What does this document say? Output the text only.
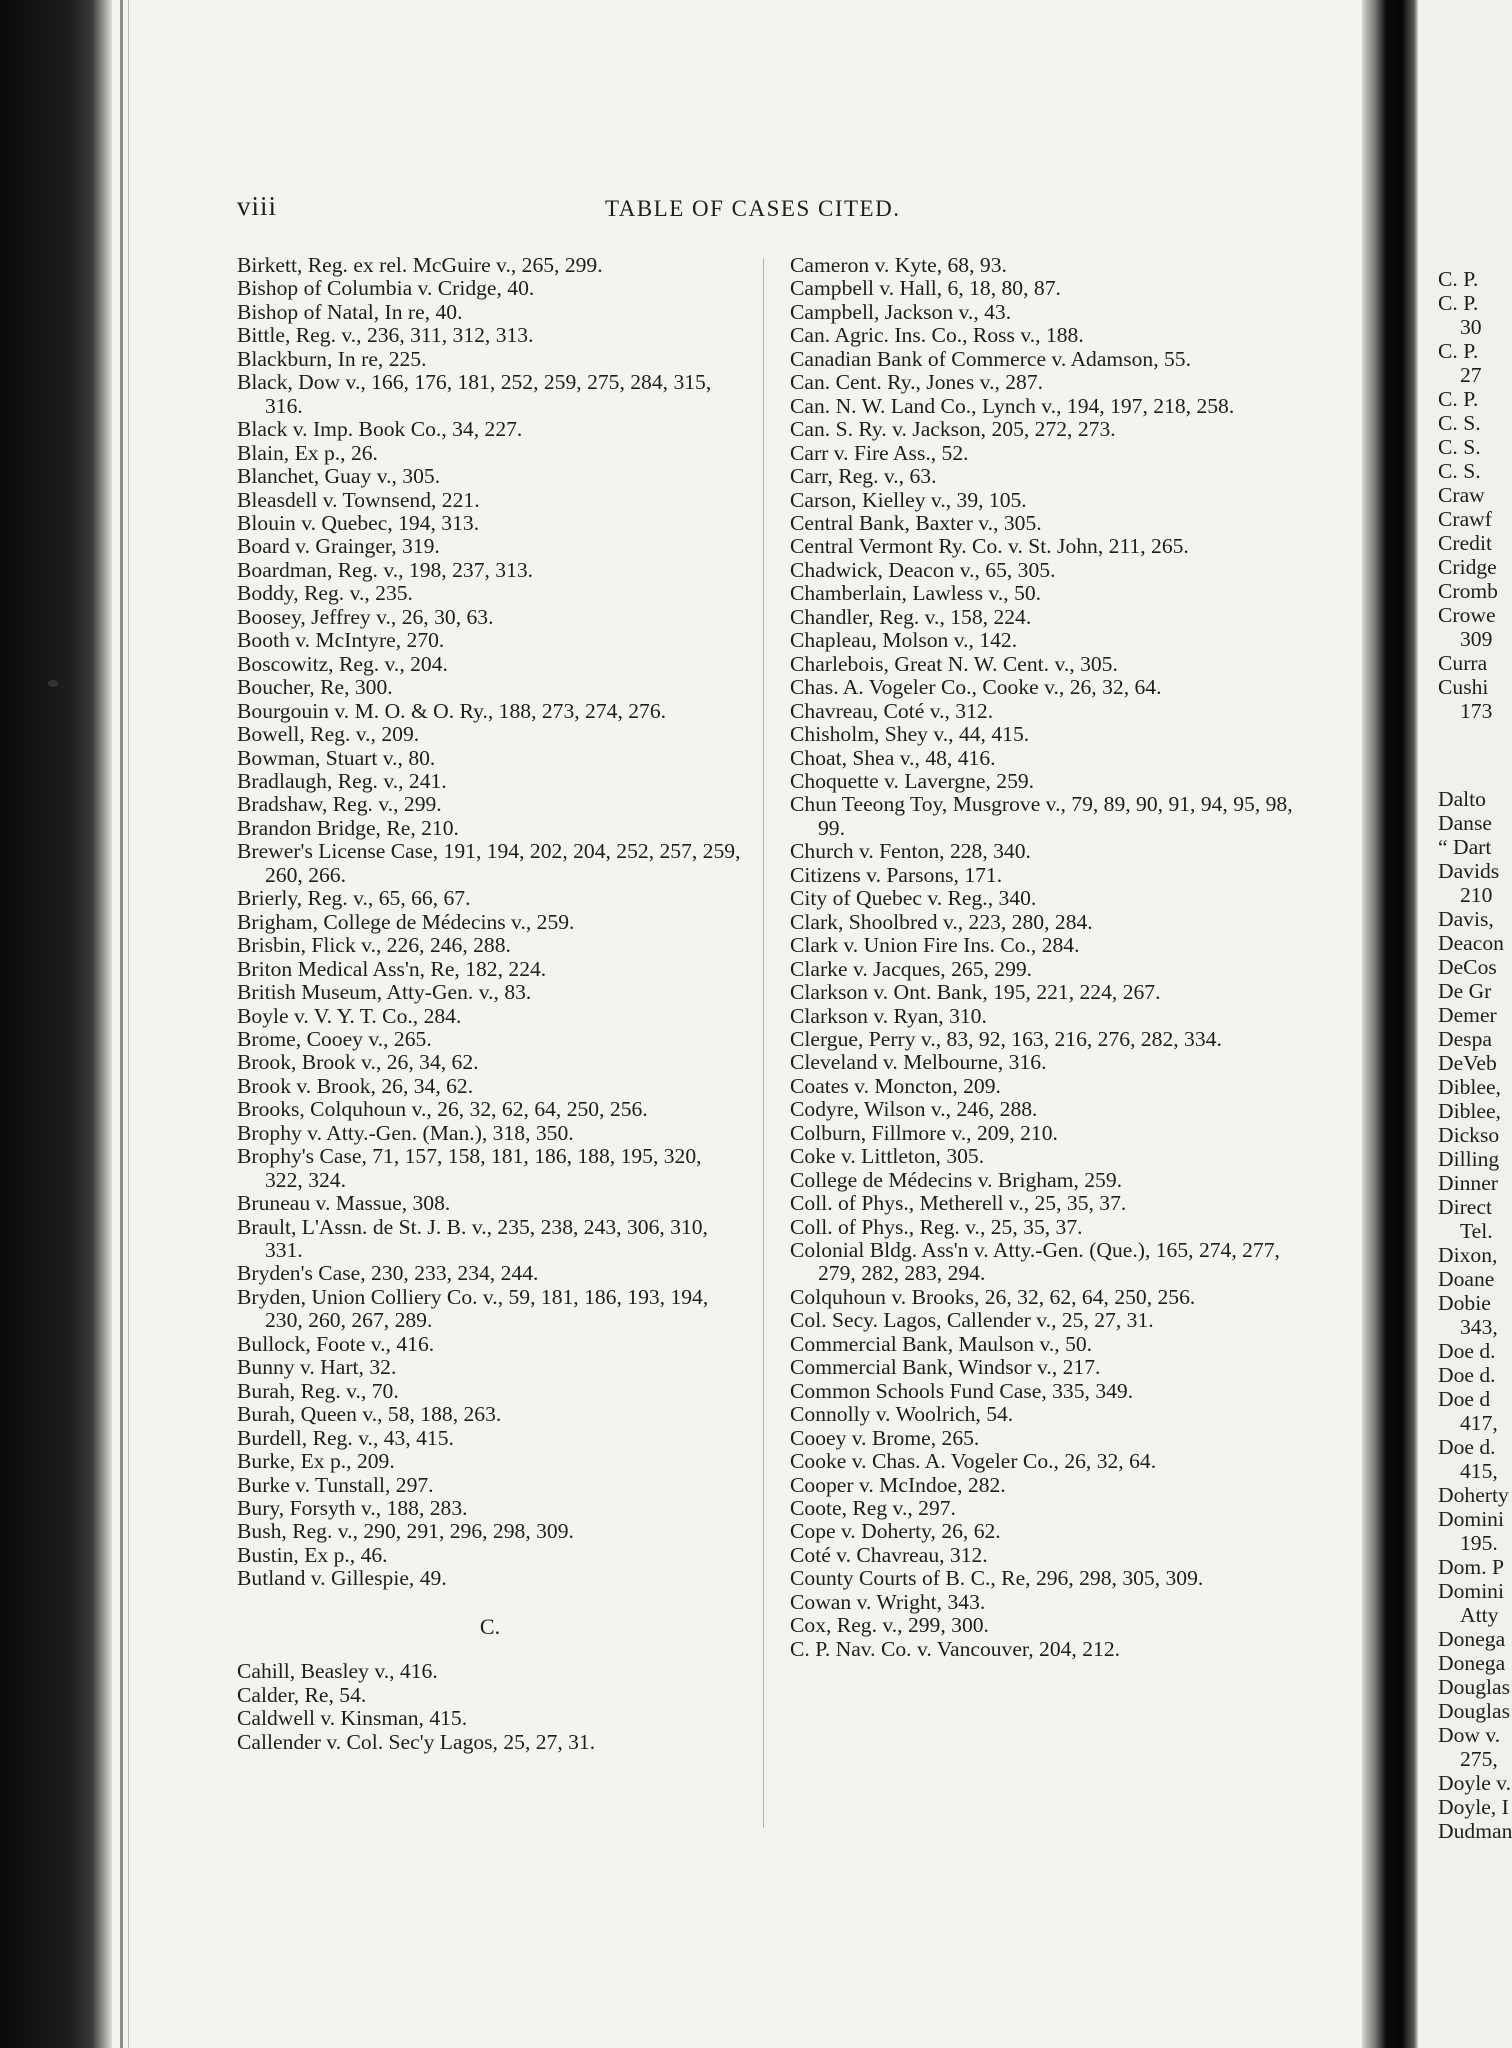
viii	TABLE OF CASES CITED.
Birkett, Reg. ex rel. McGuire v., 265, 299.
Bishop of Columbia v. Cridge, 40.
Bishop of Natal, In re, 40.
Bittle, Reg. v., 236, 311, 312, 313.
Blackburn, In re, 225.
Black, Dow v., 166, 176, 181, 252, 259, 275, 284, 315, 316.
Black v. Imp. Book Co., 34, 227.
Blain, Ex p., 26.
Blanchet, Guay v., 305.
Bleasdell v. Townsend, 221.
Blouin v. Quebec, 194, 313.
Board v. Grainger, 319.
Boardman, Reg. v., 198, 237, 313.
Boddy, Reg. v., 235.
Boosey, Jeffrey v., 26, 30, 63.
Booth v. McIntyre, 270.
Boscowitz, Reg. v., 204.
Boucher, Re, 300.
Bourgouin v. M. O. & O. Ry., 188, 273, 274, 276.
Bowell, Reg. v., 209.
Bowman, Stuart v., 80.
Bradlaugh, Reg. v., 241.
Bradshaw, Reg. v., 299.
Brandon Bridge, Re, 210.
Brewer's License Case, 191, 194, 202, 204, 252, 257, 259, 260, 266.
Brierly, Reg. v., 65, 66, 67.
Brigham, College de Médecins v., 259.
Brisbin, Flick v., 226, 246, 288.
Briton Medical Ass'n, Re, 182, 224.
British Museum, Atty-Gen. v., 83.
Boyle v. V. Y. T. Co., 284.
Brome, Cooey v., 265.
Brook, Brook v., 26, 34, 62.
Brook v. Brook, 26, 34, 62.
Brooks, Colquhoun v., 26, 32, 62, 64, 250, 256.
Brophy v. Atty.-Gen. (Man.), 318, 350.
Brophy's Case, 71, 157, 158, 181, 186, 188, 195, 320, 322, 324.
Bruneau v. Massue, 308.
Brault, L'Assn. de St. J. B. v., 235, 238, 243, 306, 310, 331.
Bryden's Case, 230, 233, 234, 244.
Bryden, Union Colliery Co. v., 59, 181, 186, 193, 194, 230, 260, 267, 289.
Bullock, Foote v., 416.
Bunny v. Hart, 32.
Burah, Reg. v., 70.
Burah, Queen v., 58, 188, 263.
Burdell, Reg. v., 43, 415.
Burke, Ex p., 209.
Burke v. Tunstall, 297.
Bury, Forsyth v., 188, 283.
Bush, Reg. v., 290, 291, 296, 298, 309.
Bustin, Ex p., 46.
Butland v. Gillespie, 49.
C.
Cahill, Beasley v., 416.
Calder, Re, 54.
Caldwell v. Kinsman, 415.
Callender v. Col. Sec'y Lagos, 25, 27, 31.
Cameron v. Kyte, 68, 93.
Campbell v. Hall, 6, 18, 80, 87.
Campbell, Jackson v., 43.
Can. Agric. Ins. Co., Ross v., 188.
Canadian Bank of Commerce v. Adamson, 55.
Can. Cent. Ry., Jones v., 287.
Can. N. W. Land Co., Lynch v., 194, 197, 218, 258.
Can. S. Ry. v. Jackson, 205, 272, 273.
Carr v. Fire Ass., 52.
Carr, Reg. v., 63.
Carson, Kielley v., 39, 105.
Central Bank, Baxter v., 305.
Central Vermont Ry. Co. v. St. John, 211, 265.
Chadwick, Deacon v., 65, 305.
Chamberlain, Lawless v., 50.
Chandler, Reg. v., 158, 224.
Chapleau, Molson v., 142.
Charlebois, Great N. W. Cent. v., 305.
Chas. A. Vogeler Co., Cooke v., 26, 32, 64.
Chavreau, Coté v., 312.
Chisholm, Shey v., 44, 415.
Choat, Shea v., 48, 416.
Choquette v. Lavergne, 259.
Chun Teeong Toy, Musgrove v., 79, 89, 90, 91, 94, 95, 98, 99.
Church v. Fenton, 228, 340.
Citizens v. Parsons, 171.
City of Quebec v. Reg., 340.
Clark, Shoolbred v., 223, 280, 284.
Clark v. Union Fire Ins. Co., 284.
Clarke v. Jacques, 265, 299.
Clarkson v. Ont. Bank, 195, 221, 224, 267.
Clarkson v. Ryan, 310.
Clergue, Perry v., 83, 92, 163, 216, 276, 282, 334.
Cleveland v. Melbourne, 316.
Coates v. Moncton, 209.
Codyre, Wilson v., 246, 288.
Colburn, Fillmore v., 209, 210.
Coke v. Littleton, 305.
College de Médecins v. Brigham, 259.
Coll. of Phys., Metherell v., 25, 35, 37.
Coll. of Phys., Reg. v., 25, 35, 37.
Colonial Bldg. Ass'n v. Atty.-Gen. (Que.), 165, 274, 277, 279, 282, 283, 294.
Colquhoun v. Brooks, 26, 32, 62, 64, 250, 256.
Col. Secy. Lagos, Callender v., 25, 27, 31.
Commercial Bank, Maulson v., 50.
Commercial Bank, Windsor v., 217.
Common Schools Fund Case, 335, 349.
Connolly v. Woolrich, 54.
Cooey v. Brome, 265.
Cooke v. Chas. A. Vogeler Co., 26, 32, 64.
Cooper v. McIndoe, 282.
Coote, Reg v., 297.
Cope v. Doherty, 26, 62.
Coté v. Chavreau, 312.
County Courts of B. C., Re, 296, 298, 305, 309.
Cowan v. Wright, 343.
Cox, Reg. v., 299, 300.
C. P. Nav. Co. v. Vancouver, 204, 212.
C. P.
C. P.
30
C. P.
27
C. P.
C. S.
C. S.
C. S.
Craw
Crawf
Credit
Cridge
Cromb
Crowe
309
Curra
Cushi
173
Dalto
Danse
“ Dart
Davids
210
Davis,
Deacon
DeCos
De Gr
Demer
Despa
DeVeb
Diblee,
Diblee,
Dickso
Dilling
Dinner
Direct
Tel.
Dixon,
Doane
Dobie
343,
Doe d.
Doe d.
Doe d
417,
Doe d.
415,
Doherty
Domini
195.
Dom. P
Domini
Atty
Donega
Donega
Douglas
Douglas
Dow v.
275,
Doyle v.
Doyle, I
Dudman
